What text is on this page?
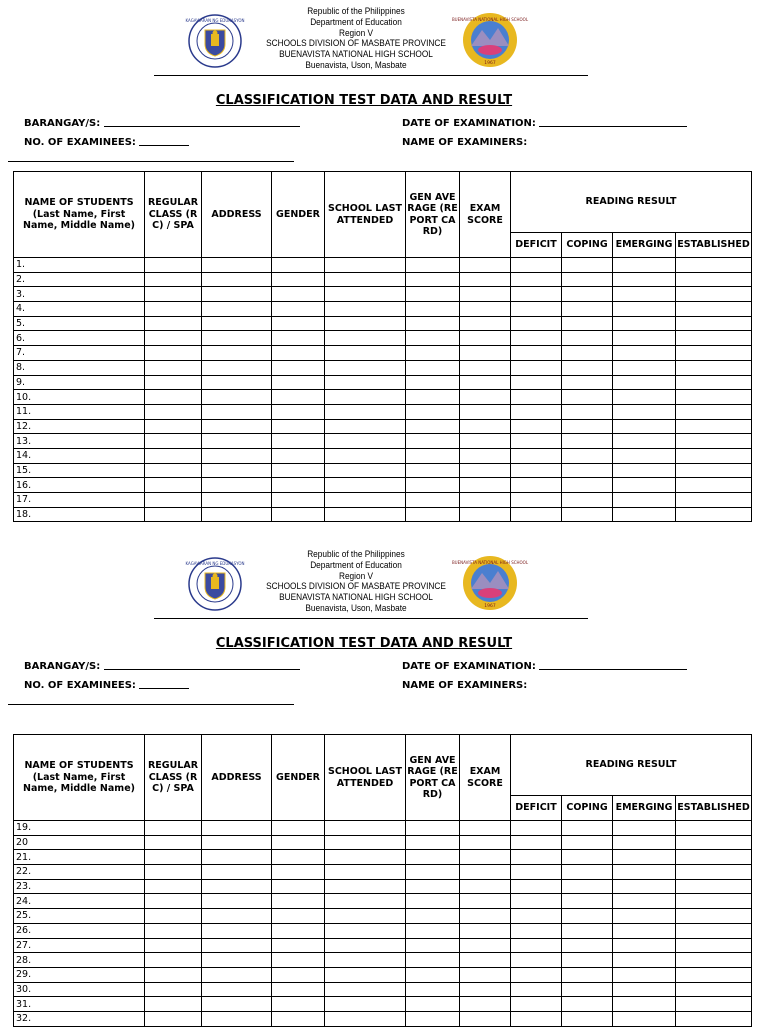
KAGAWARAN NG EDUKASYON
Republic of the Philippines
Department of Education
Region V
SCHOOLS DIVISION OF MASBATE PROVINCE
BUENAVISTA NATIONAL HIGH SCHOOL
Buenavista, Uson, Masbate
BUENAVISTA NATIONAL HIGH SCHOOL
1967
CLASSIFICATION TEST DATA AND RESULT
BARANGAY/S:	DATE OF EXAMINATION:
NO. OF EXAMINEES:	NAME OF EXAMINERS:
NAME OF STUDENTS (Last Name, First Name, Middle Name)	REGULAR CLASS (RC) / SPA	ADDRESS	GENDER	SCHOOL LAST ATTENDED	GEN AVERAGE (REPORT CARD)	EXAM SCORE	READING RESULT			
							DEFICIT	COPING	EMERGING	ESTABLISHED
1.										
2.										
3.										
4.										
5.										
6.										
7.										
8.										
9.										
10.										
11.										
12.										
13.										
14.										
15.										
16.										
17.										
18.										
KAGAWARAN NG EDUKASYON
Republic of the Philippines
Department of Education
Region V
SCHOOLS DIVISION OF MASBATE PROVINCE
BUENAVISTA NATIONAL HIGH SCHOOL
Buenavista, Uson, Masbate
BUENAVISTA NATIONAL HIGH SCHOOL
1967
CLASSIFICATION TEST DATA AND RESULT
BARANGAY/S:	DATE OF EXAMINATION:
NO. OF EXAMINEES:	NAME OF EXAMINERS:
NAME OF STUDENTS (Last Name, First Name, Middle Name)	REGULAR CLASS (RC) / SPA	ADDRESS	GENDER	SCHOOL LAST ATTENDED	GEN AVERAGE (REPORT CARD)	EXAM SCORE	READING RESULT			
							DEFICIT	COPING	EMERGING	ESTABLISHED
19.										
20										
21.										
22.										
23.										
24.										
25.										
26.										
27.										
28.										
29.										
30.										
31.										
32.										
